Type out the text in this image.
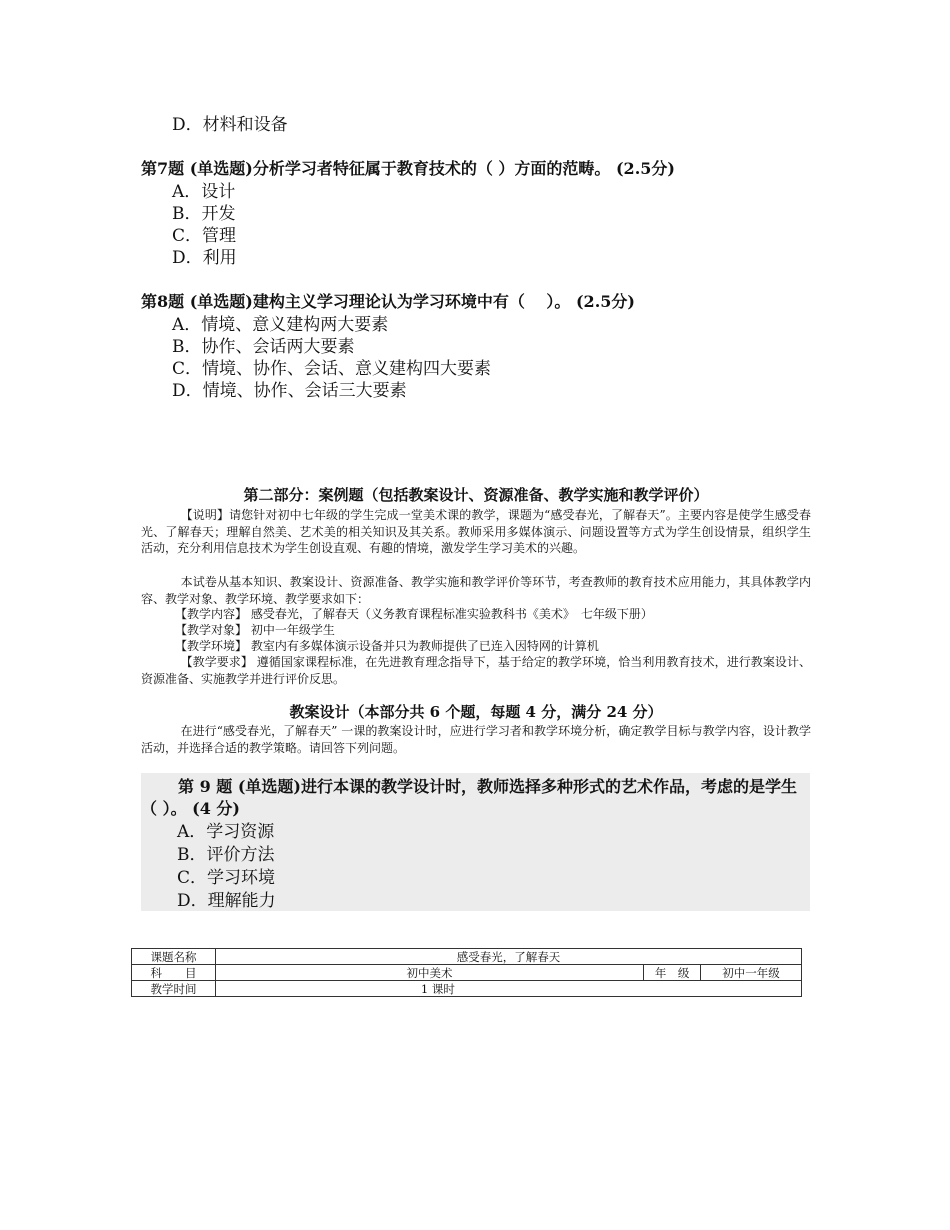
D．材料和设备
第7题 (单选题)分析学习者特征属于教育技术的（ ）方面的范畴。 (2.5分)
A．设计
B．开发
C．管理
D．利用
第8题 (单选题)建构主义学习理论认为学习环境中有（　 ）。 (2.5分)
A．情境、意义建构两大要素
B．协作、会话两大要素
C．情境、协作、会话、意义建构四大要素
D．情境、协作、会话三大要素
第二部分：案例题（包括教案设计、资源准备、教学实施和教学评价）
【说明】请您针对初中七年级的学生完成一堂美术课的教学，课题为“感受春光，了解春天”。主要内容是使学生感受春光、了解春天；理解自然美、艺术美的相关知识及其关系。教师采用多媒体演示、问题设置等方式为学生创设情景，组织学生活动，充分利用信息技术为学生创设直观、有趣的情境，激发学生学习美术的兴趣。
本试卷从基本知识、教案设计、资源准备、教学实施和教学评价等环节，考查教师的教育技术应用能力，其具体教学内容、教学对象、教学环境、教学要求如下：
【教学内容】 感受春光，了解春天（义务教育课程标准实验教科书《美术》　七年级下册）
【教学对象】 初中一年级学生
【教学环境】 教室内有多媒体演示设备并只为教师提供了已连入因特网的计算机
【教学要求】 遵循国家课程标准，在先进教育理念指导下，基于给定的教学环境，恰当利用教育技术，进行教案设计、资源准备、实施教学并进行评价反思。
教案设计（本部分共 6 个题，每题 4 分，满分 24 分）
在进行“感受春光，了解春天” 一课的教案设计时，应进行学习者和教学环境分析，确定教学目标与教学内容，设计教学活动，并选择合适的教学策略。请回答下列问题。
第 9 题 (单选题)进行本课的教学设计时，教师选择多种形式的艺术作品，考虑的是学生（ ）。 (4 分)
A．学习资源
B．评价方法
C．学习环境
D．理解能力
课题名称	感受春光，了解春天		
科　　目	初中美术	年　级	初中一年级
教学时间	1 课时		
